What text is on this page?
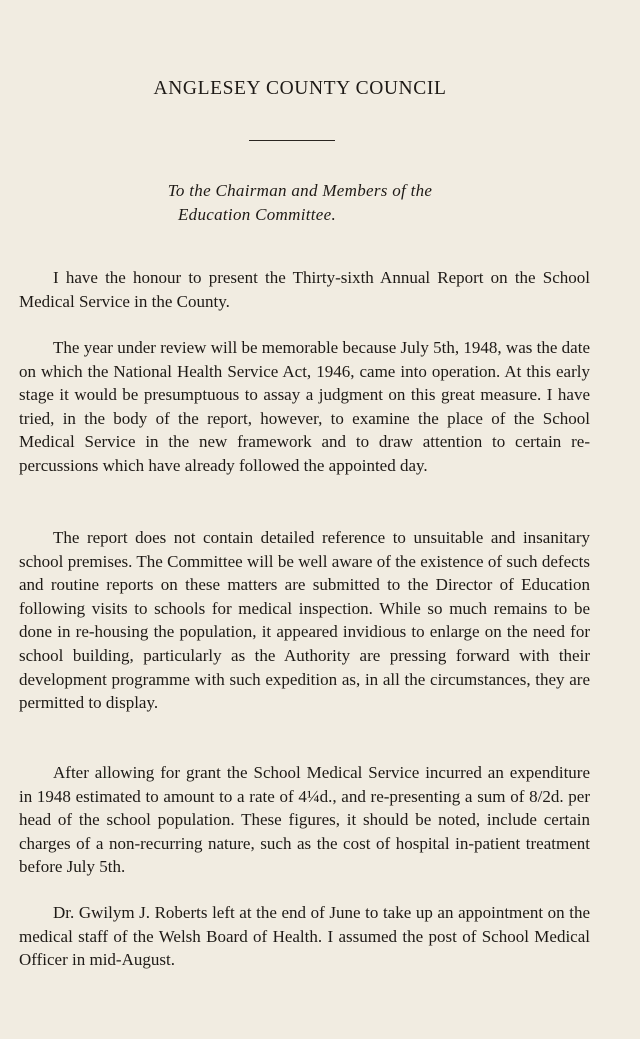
ANGLESEY COUNTY COUNCIL
To the Chairman and Members of the
Education Committee.

I have the honour to present the Thirty-sixth Annual Report on the School Medical Service in the County.

The year under review will be memorable because July 5th, 1948, was the date on which the National Health Service Act, 1946, came into operation. At this early stage it would be presumptuous to assay a judgment on this great measure. I have tried, in the body of the report, however, to examine the place of the School Medical Service in the new framework and to draw attention to certain re-percussions which have already followed the appointed day.

The report does not contain detailed reference to unsuitable and insanitary school premises. The Committee will be well aware of the existence of such defects and routine reports on these matters are submitted to the Director of Education following visits to schools for medical inspection. While so much remains to be done in re-housing the population, it appeared invidious to enlarge on the need for school building, particularly as the Authority are pressing forward with their development programme with such expedition as, in all the circumstances, they are permitted to display.

After allowing for grant the School Medical Service incurred an expenditure in 1948 estimated to amount to a rate of 4¼d., and re-presenting a sum of 8/2d. per head of the school population. These figures, it should be noted, include certain charges of a non-recurring nature, such as the cost of hospital in-patient treatment before July 5th.

Dr. Gwilym J. Roberts left at the end of June to take up an appointment on the medical staff of the Welsh Board of Health. I assumed the post of School Medical Officer in mid-August.
